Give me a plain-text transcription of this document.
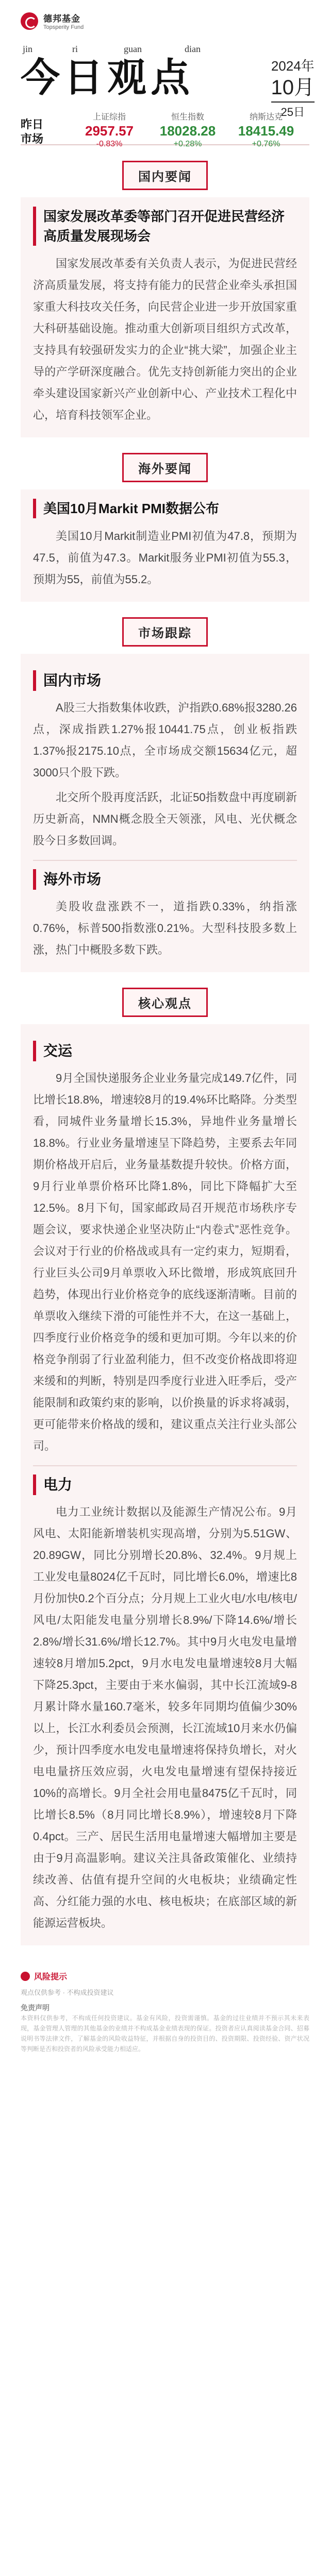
德邦基金
Topsperity Fund
jin	ri	guan	dian
今日观点	2024年
10月
25日
昨日
市场
上证综指
2957.57
-0.83%
恒生指数
18028.28
+0.28%
纳斯达克
18415.49
+0.76%
国内要闻
国家发展改革委等部门召开促进民营经济高质量发展现场会

国家发展改革委有关负责人表示，为促进民营经济高质量发展，将支持有能力的民营企业牵头承担国家重大科技攻关任务，向民营企业进一步开放国家重大科研基础设施。推动重大创新项目组织方式改革，支持具有较强研发实力的企业“挑大梁”，加强企业主导的产学研深度融合。优先支持创新能力突出的企业牵头建设国家新兴产业创新中心、产业技术工程化中心，培育科技领军企业。

海外要闻
美国10月Markit PMI数据公布

美国10月Markit制造业PMI初值为47.8，预期为47.5，前值为47.3。Markit服务业PMI初值为55.3，预期为55，前值为55.2。

市场跟踪
国内市场

A股三大指数集体收跌，沪指跌0.68%报3280.26点，深成指跌1.27%报10441.75点，创业板指跌1.37%报2175.10点，全市场成交额15634亿元，超3000只个股下跌。

北交所个股再度活跃，北证50指数盘中再度刷新历史新高，NMN概念股全天领涨，风电、光伏概念股今日多数回调。

海外市场

美股收盘涨跌不一，道指跌0.33%，纳指涨0.76%，标普500指数涨0.21%。大型科技股多数上涨，热门中概股多数下跌。

核心观点
交运

9月全国快递服务企业业务量完成149.7亿件，同比增长18.8%，增速较8月的19.4%环比略降。分类型看，同城件业务量增长15.3%，异地件业务量增长18.8%。行业业务量增速呈下降趋势，主要系去年同期价格战开启后，业务量基数提升较快。价格方面，9月行业单票价格环比降1.8%，同比下降幅扩大至12.5%。8月下旬，国家邮政局召开规范市场秩序专题会议，要求快递企业坚决防止“内卷式”恶性竞争。会议对于行业的价格战或具有一定约束力，短期看，行业巨头公司9月单票收入环比微增，形成筑底回升趋势，体现出行业价格竞争的底线逐渐清晰。目前的单票收入继续下滑的可能性并不大，在这一基础上，四季度行业价格竞争的缓和更加可期。今年以来的价格竞争削弱了行业盈利能力，但不改变价格战即将迎来缓和的判断，特别是四季度行业进入旺季后，受产能限制和政策约束的影响，以价换量的诉求将减弱，更可能带来价格战的缓和，建议重点关注行业头部公司。

电力

电力工业统计数据以及能源生产情况公布。9月风电、太阳能新增装机实现高增，分别为5.51GW、20.89GW，同比分别增长20.8%、32.4%。9月规上工业发电量8024亿千瓦时，同比增长6.0%，增速比8月份加快0.2个百分点；分月规上工业火电/水电/核电/风电/太阳能发电量分别增长8.9%/下降14.6%/增长2.8%/增长31.6%/增长12.7%。其中9月火电发电量增速较8月增加5.2pct，9月水电发电量增速较8月大幅下降25.3pct，主要由于来水偏弱，其中长江流域9-8月累计降水量160.7毫米，较多年同期均值偏少30%以上，长江水利委员会预测，长江流域10月来水仍偏少，预计四季度水电发电量增速将保持负增长，对火电电量挤压效应弱，火电发电量增速有望保持接近10%的高增长。9月全社会用电量8475亿千瓦时，同比增长8.5%（8月同比增长8.9%），增速较8月下降0.4pct。三产、居民生活用电量增速大幅增加主要是由于9月高温影响。建议关注具备政策催化、业绩持续改善、估值有提升空间的火电板块；业绩确定性高、分红能力强的水电、核电板块；在底部区域的新能源运营板块。

风险提示
观点仅供参考 · 不构成投资建议
免责声明
本资料仅供参考，不构成任何投资建议。基金有风险，投资需谨慎。基金的过往业绩并不预示其未来表现，基金管理人管理的其他基金的业绩并不构成基金业绩表现的保证。投资者应认真阅读基金合同、招募说明书等法律文件，了解基金的风险收益特征，并根据自身的投资目的、投资期限、投资经验、资产状况等判断是否和投资者的风险承受能力相适应。
